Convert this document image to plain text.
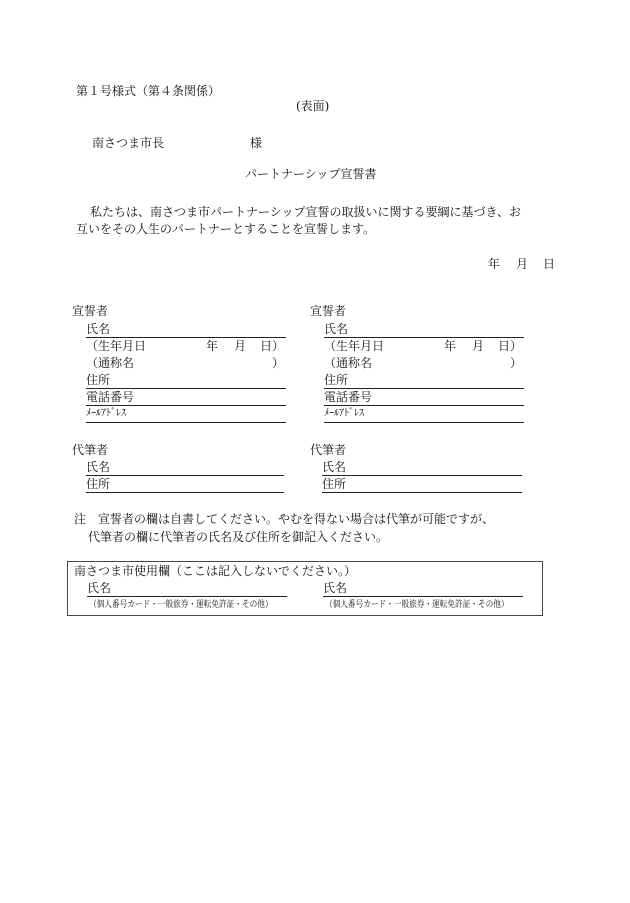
第１号様式（第４条関係）
(表面)
南さつま市長	様
パートナーシップ宣誓書
私たちは、南さつま市パートナーシップ宣誓の取扱いに関する要綱に基づき、お
互いをその人生のパートナーとすることを宣誓します。
年 月 日
宣誓者
氏名
（生年月日	年 月 日）
（通称名	）
住所
電話番号
ﾒｰﾙｱﾄﾞﾚｽ
宣誓者
氏名
（生年月日	年 月 日）
（通称名	）
住所
電話番号
ﾒｰﾙｱﾄﾞﾚｽ
代筆者
氏名
住所
代筆者
氏名
住所
注　宣誓者の欄は自書してください。やむを得ない場合は代筆が可能ですが、
代筆者の欄に代筆者の氏名及び住所を御記入ください。
南さつま市使用欄（ここは記入しないでください。）
氏名
（個人番号カード・一般旅券・運転免許証・その他）
氏名
（個人番号カード・一般旅券・運転免許証・その他）
